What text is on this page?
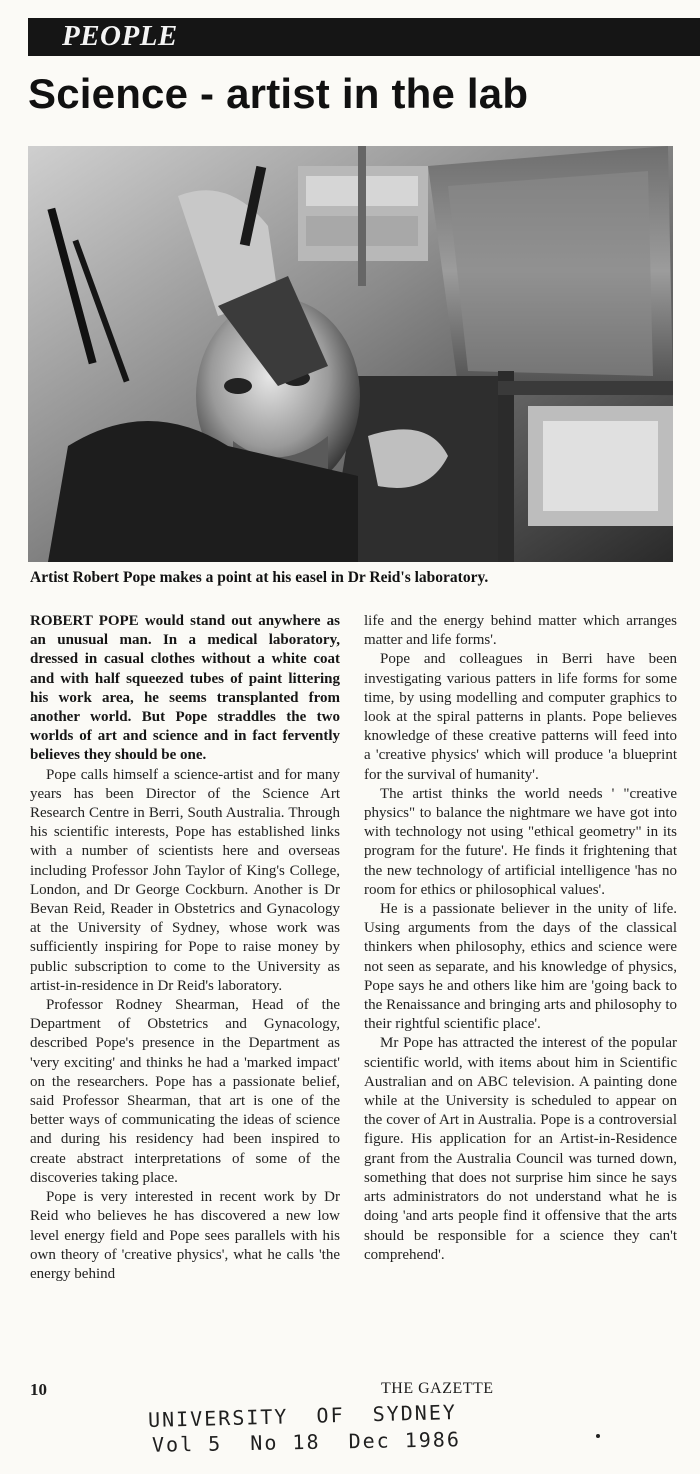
PEOPLE
Science - artist in the lab
Artist Robert Pope makes a point at his easel in Dr Reid's laboratory.

ROBERT POPE would stand out anywhere as an unusual man. In a medical laboratory, dressed in casual clothes without a white coat and with half squeezed tubes of paint littering his work area, he seems transplanted from another world. But Pope straddles the two worlds of art and science and in fact fervently believes they should be one.

Pope calls himself a science-artist and for many years has been Director of the Science Art Research Centre in Berri, South Australia. Through his scientific interests, Pope has established links with a number of scientists here and overseas including Professor John Taylor of King's College, London, and Dr George Cockburn. Another is Dr Bevan Reid, Reader in Obstetrics and Gynacology at the University of Sydney, whose work was sufficiently inspiring for Pope to raise money by public subscription to come to the University as artist-in-residence in Dr Reid's laboratory.

Professor Rodney Shearman, Head of the Department of Obstetrics and Gynacology, described Pope's presence in the Department as 'very exciting' and thinks he had a 'marked impact' on the researchers. Pope has a passionate belief, said Professor Shearman, that art is one of the better ways of communicating the ideas of science and during his residency had been inspired to create abstract interpretations of some of the discoveries taking place.

Pope is very interested in recent work by Dr Reid who believes he has discovered a new low level energy field and Pope sees parallels with his own theory of 'creative physics', what he calls 'the energy behind

life and the energy behind matter which arranges matter and life forms'.

Pope and colleagues in Berri have been investigating various patters in life forms for some time, by using modelling and computer graphics to look at the spiral patterns in plants. Pope believes knowledge of these creative patterns will feed into a 'creative physics' which will produce 'a blueprint for the survival of humanity'.

The artist thinks the world needs ' "creative physics" to balance the nightmare we have got into with technology not using "ethical geometry" in its program for the future'. He finds it frightening that the new technology of artificial intelligence 'has no room for ethics or philosophical values'.

He is a passionate believer in the unity of life. Using arguments from the days of the classical thinkers when philosophy, ethics and science were not seen as separate, and his knowledge of physics, Pope says he and others like him are 'going back to the Renaissance and bringing arts and philosophy to their rightful scientific place'.

Mr Pope has attracted the interest of the popular scientific world, with items about him in Scientific Australian and on ABC television. A painting done while at the University is scheduled to appear on the cover of Art in Australia. Pope is a controversial figure. His application for an Artist-in-Residence grant from the Australia Council was turned down, something that does not surprise him since he says arts administrators do not understand what he is doing 'and arts people find it offensive that the arts should be responsible for a science they can't comprehend'.

10	THE GAZETTE
UNIVERSITY  OF  SYDNEY
Vol 5  No 18  Dec 1986
